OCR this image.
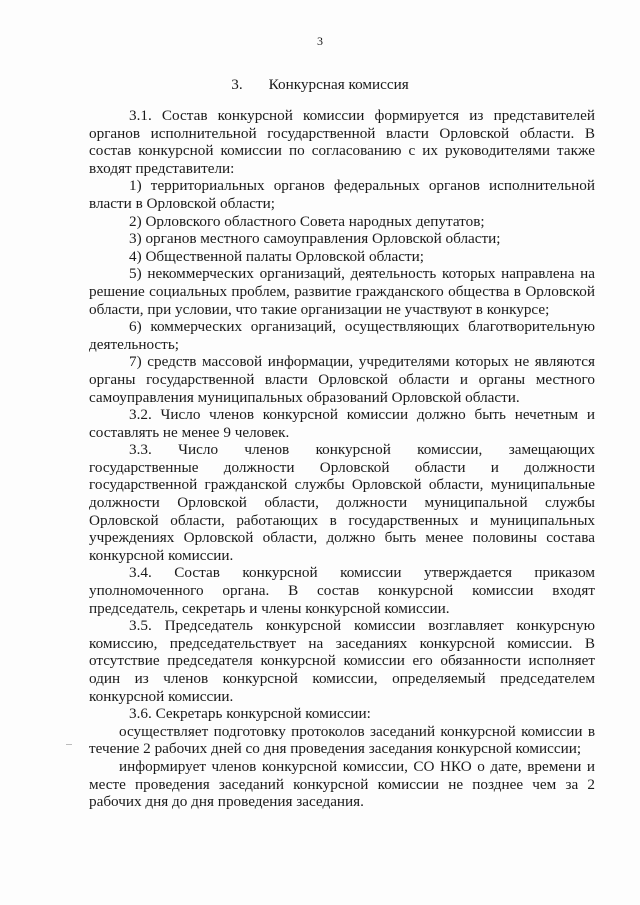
3
3. Конкурсная комиссия

3.1. Состав конкурсной комиссии формируется из представителей органов исполнительной государственной власти Орловской области. В состав конкурсной комиссии по согласованию с их руководителями также входят представители:

1) территориальных органов федеральных органов исполнительной власти в Орловской области;

2) Орловского областного Совета народных депутатов;

3) органов местного самоуправления Орловской области;

4) Общественной палаты Орловской области;

5) некоммерческих организаций, деятельность которых направлена на решение социальных проблем, развитие гражданского общества в Орловской области, при условии, что такие организации не участвуют в конкурсе;

6) коммерческих организаций, осуществляющих благотворительную деятельность;

7) средств массовой информации, учредителями которых не являются органы государственной власти Орловской области и органы местного самоуправления муниципальных образований Орловской области.

3.2. Число членов конкурсной комиссии должно быть нечетным и составлять не менее 9 человек.

3.3. Число членов конкурсной комиссии, замещающих государственные должности Орловской области и должности государственной гражданской службы Орловской области, муниципальные должности Орловской области, должности муниципальной службы Орловской области, работающих в государственных и муниципальных учреждениях Орловской области, должно быть менее половины состава конкурсной комиссии.

3.4. Состав конкурсной комиссии утверждается приказом уполномоченного органа. В состав конкурсной комиссии входят председатель, секретарь и члены конкурсной комиссии.

3.5. Председатель конкурсной комиссии возглавляет конкурсную комиссию, председательствует на заседаниях конкурсной комиссии. В отсутствие председателя конкурсной комиссии его обязанности исполняет один из членов конкурсной комиссии, определяемый председателем конкурсной комиссии.

3.6. Секретарь конкурсной комиссии:

осуществляет подготовку протоколов заседаний конкурсной комиссии в течение 2 рабочих дней со дня проведения заседания конкурсной комиссии;

информирует членов конкурсной комиссии, СО НКО о дате, времени и месте проведения заседаний конкурсной комиссии не позднее чем за 2 рабочих дня до дня проведения заседания.
